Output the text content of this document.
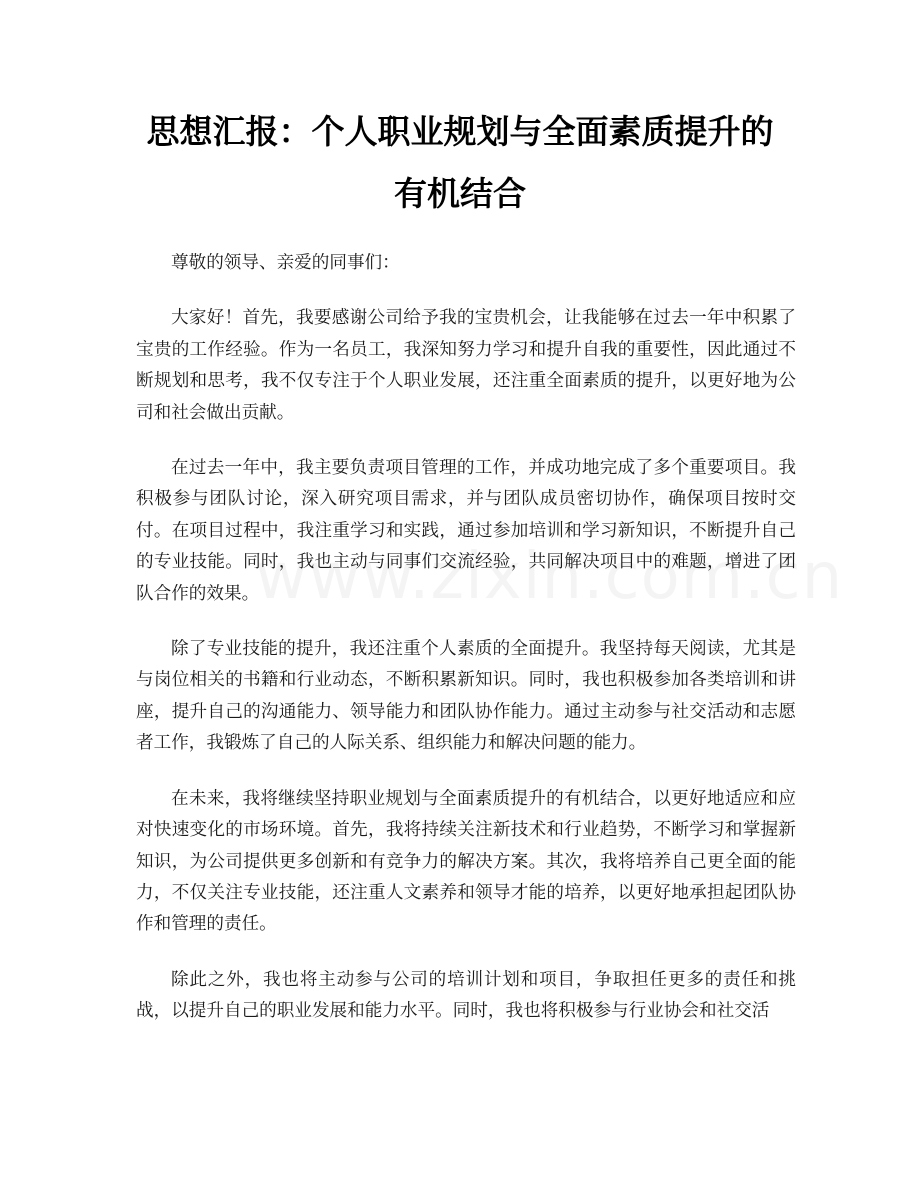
思想汇报：个人职业规划与全面素质提升的
有机结合

尊敬的领导、亲爱的同事们：

大家好！首先，我要感谢公司给予我的宝贵机会，让我能够在过去一年中积累了宝贵的工作经验。作为一名员工，我深知努力学习和提升自我的重要性，因此通过不断规划和思考，我不仅专注于个人职业发展，还注重全面素质的提升，以更好地为公司和社会做出贡献。

在过去一年中，我主要负责项目管理的工作，并成功地完成了多个重要项目。我积极参与团队讨论，深入研究项目需求，并与团队成员密切协作，确保项目按时交付。在项目过程中，我注重学习和实践，通过参加培训和学习新知识，不断提升自己的专业技能。同时，我也主动与同事们交流经验，共同解决项目中的难题，增进了团队合作的效果。

除了专业技能的提升，我还注重个人素质的全面提升。我坚持每天阅读，尤其是与岗位相关的书籍和行业动态，不断积累新知识。同时，我也积极参加各类培训和讲座，提升自己的沟通能力、领导能力和团队协作能力。通过主动参与社交活动和志愿者工作，我锻炼了自己的人际关系、组织能力和解决问题的能力。

在未来，我将继续坚持职业规划与全面素质提升的有机结合，以更好地适应和应对快速变化的市场环境。首先，我将持续关注新技术和行业趋势，不断学习和掌握新知识，为公司提供更多创新和有竞争力的解决方案。其次，我将培养自己更全面的能力，不仅关注专业技能，还注重人文素养和领导才能的培养，以更好地承担起团队协作和管理的责任。

除此之外，我也将主动参与公司的培训计划和项目，争取担任更多的责任和挑战，以提升自己的职业发展和能力水平。同时，我也将积极参与行业协会和社交活
